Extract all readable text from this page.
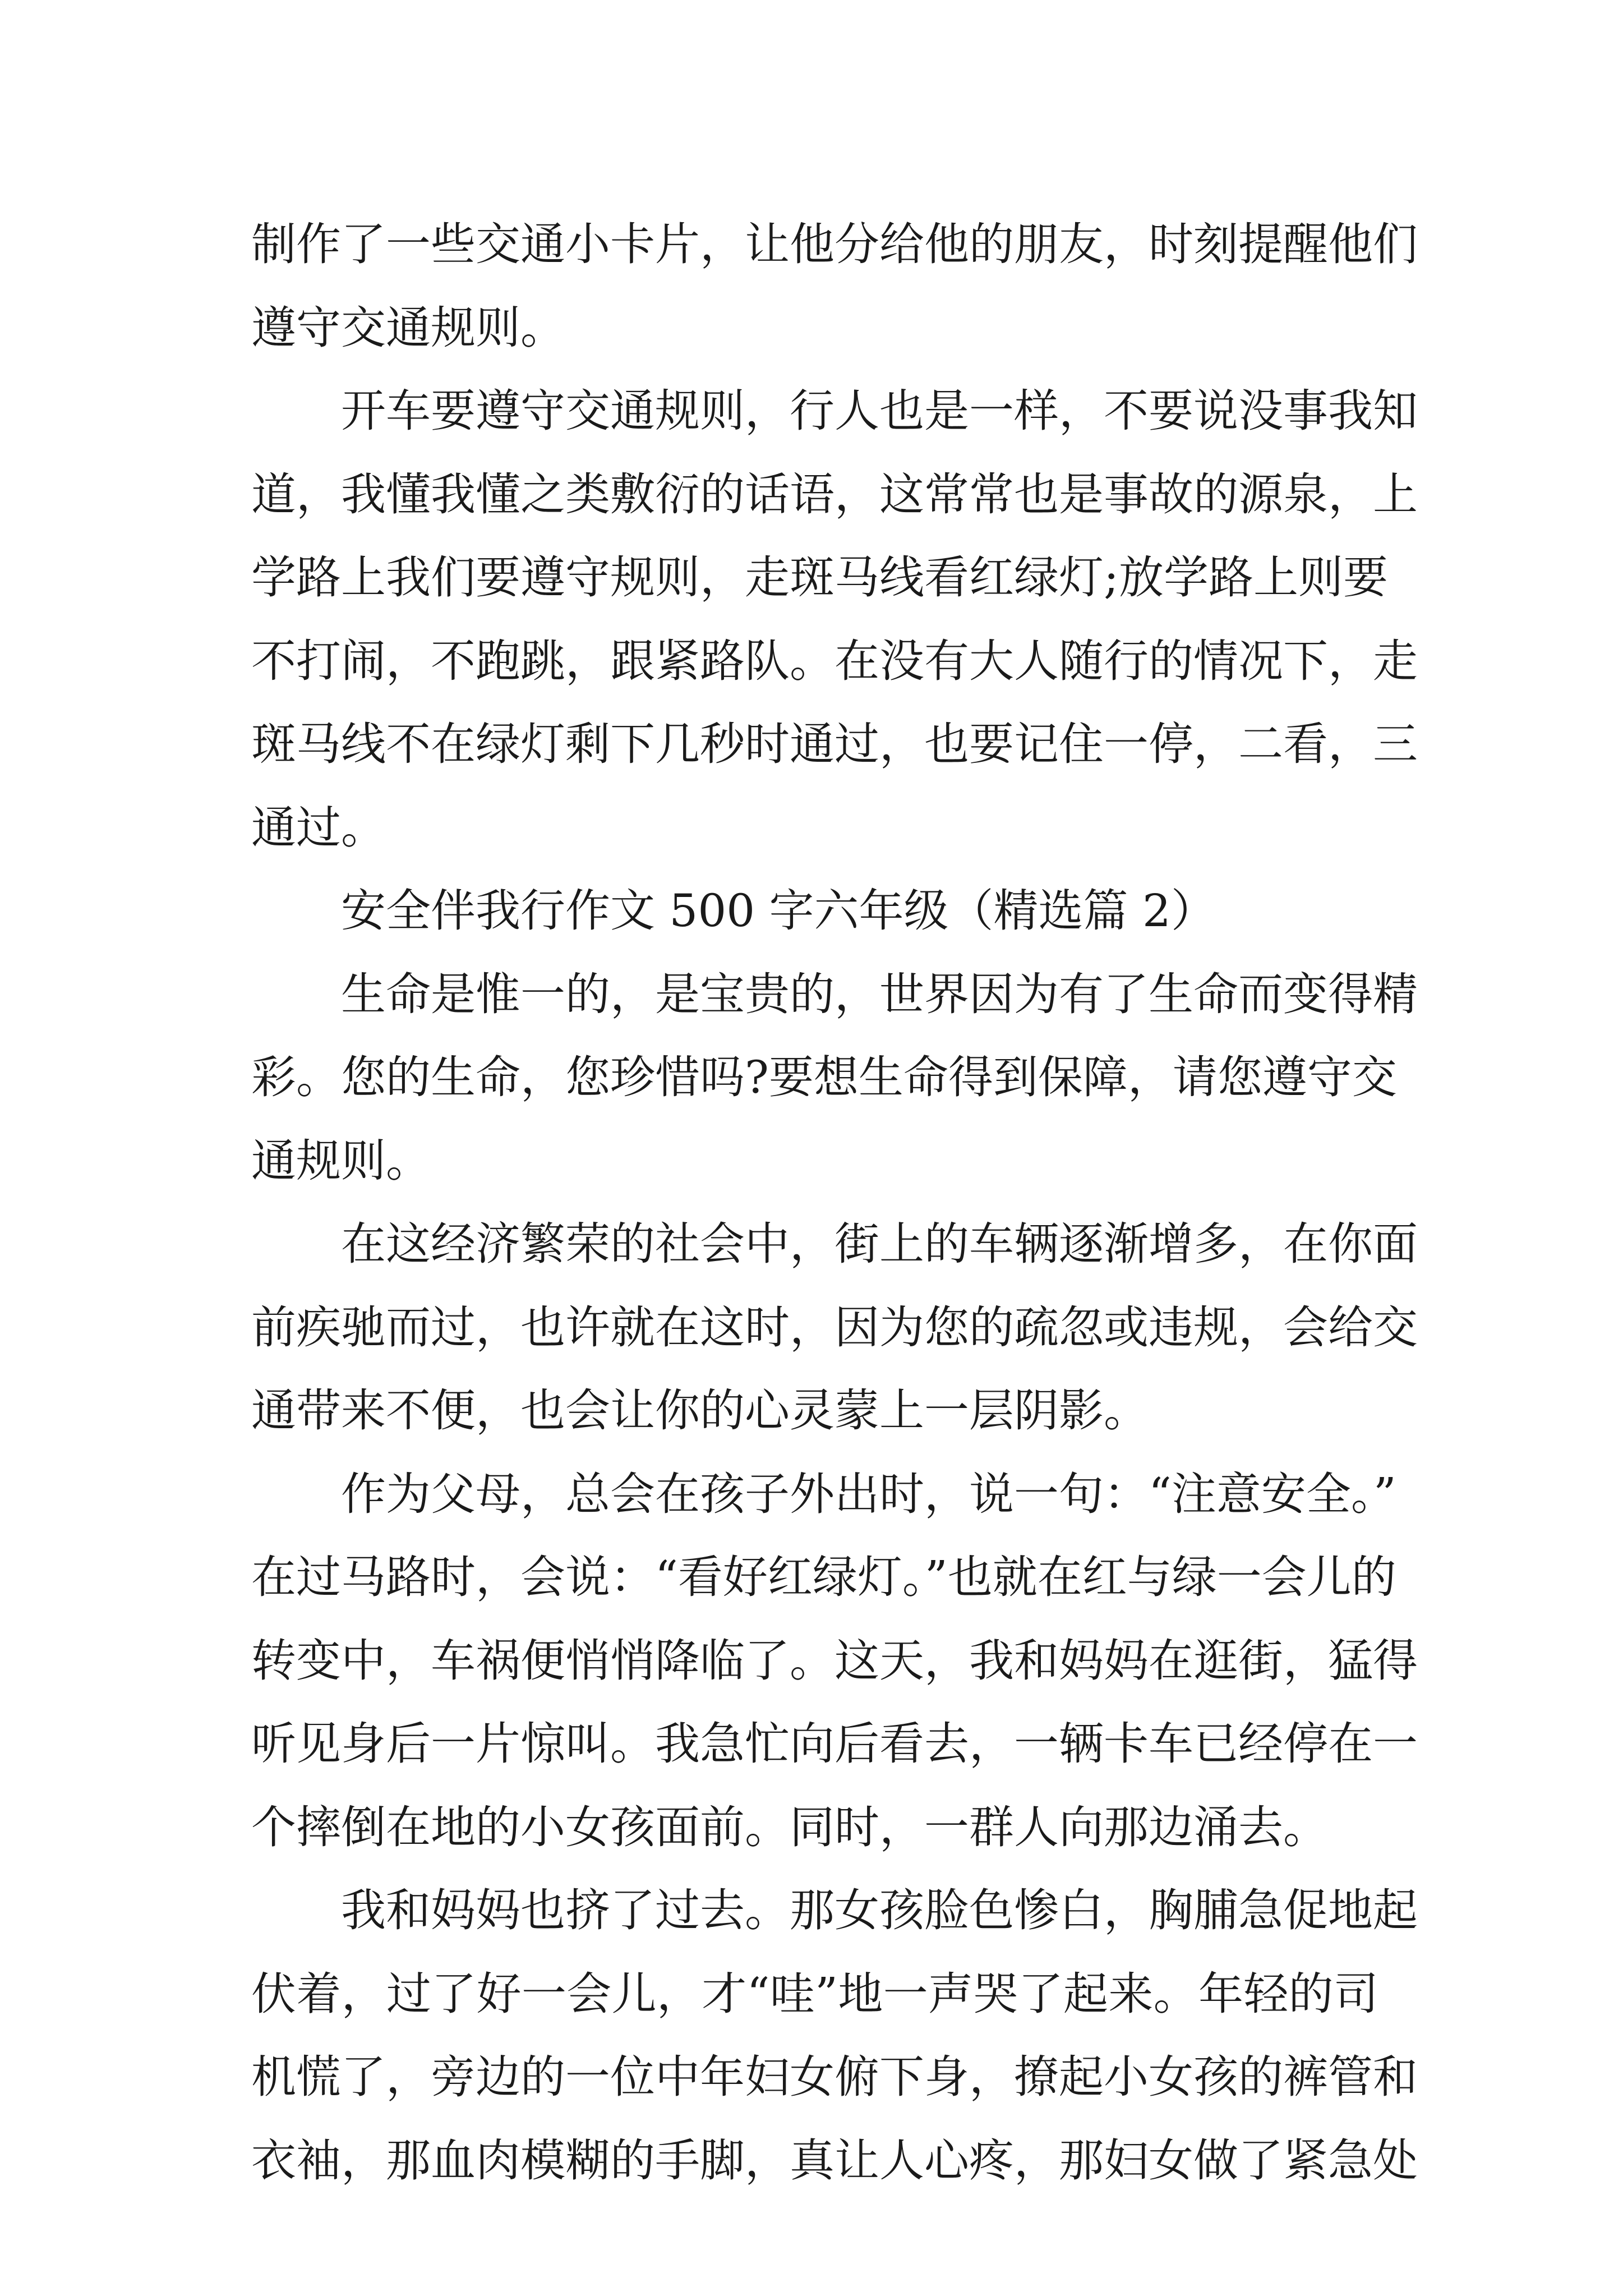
制作了一些交通小卡片，让他分给他的朋友，时刻提醒他们
遵守交通规则。
开车要遵守交通规则，行人也是一样，不要说没事我知
道，我懂我懂之类敷衍的话语，这常常也是事故的源泉，上
学路上我们要遵守规则，走斑马线看红绿灯;放学路上则要
不打闹，不跑跳，跟紧路队。在没有大人随行的情况下，走
斑马线不在绿灯剩下几秒时通过，也要记住一停，二看，三
通过。
安全伴我行作文 500 字六年级（精选篇 2）
生命是惟一的，是宝贵的，世界因为有了生命而变得精
彩。您的生命，您珍惜吗?要想生命得到保障，请您遵守交
通规则。
在这经济繁荣的社会中，街上的车辆逐渐增多，在你面
前疾驰而过，也许就在这时，因为您的疏忽或违规，会给交
通带来不便，也会让你的心灵蒙上一层阴影。
作为父母，总会在孩子外出时，说一句：“注意安全。”
在过马路时，会说：“看好红绿灯。”也就在红与绿一会儿的
转变中，车祸便悄悄降临了。这天，我和妈妈在逛街，猛得
听见身后一片惊叫。我急忙向后看去，一辆卡车已经停在一
个摔倒在地的小女孩面前。同时，一群人向那边涌去。
我和妈妈也挤了过去。那女孩脸色惨白，胸脯急促地起
伏着，过了好一会儿，才“哇”地一声哭了起来。年轻的司
机慌了，旁边的一位中年妇女俯下身，撩起小女孩的裤管和
衣袖，那血肉模糊的手脚，真让人心疼，那妇女做了紧急处
